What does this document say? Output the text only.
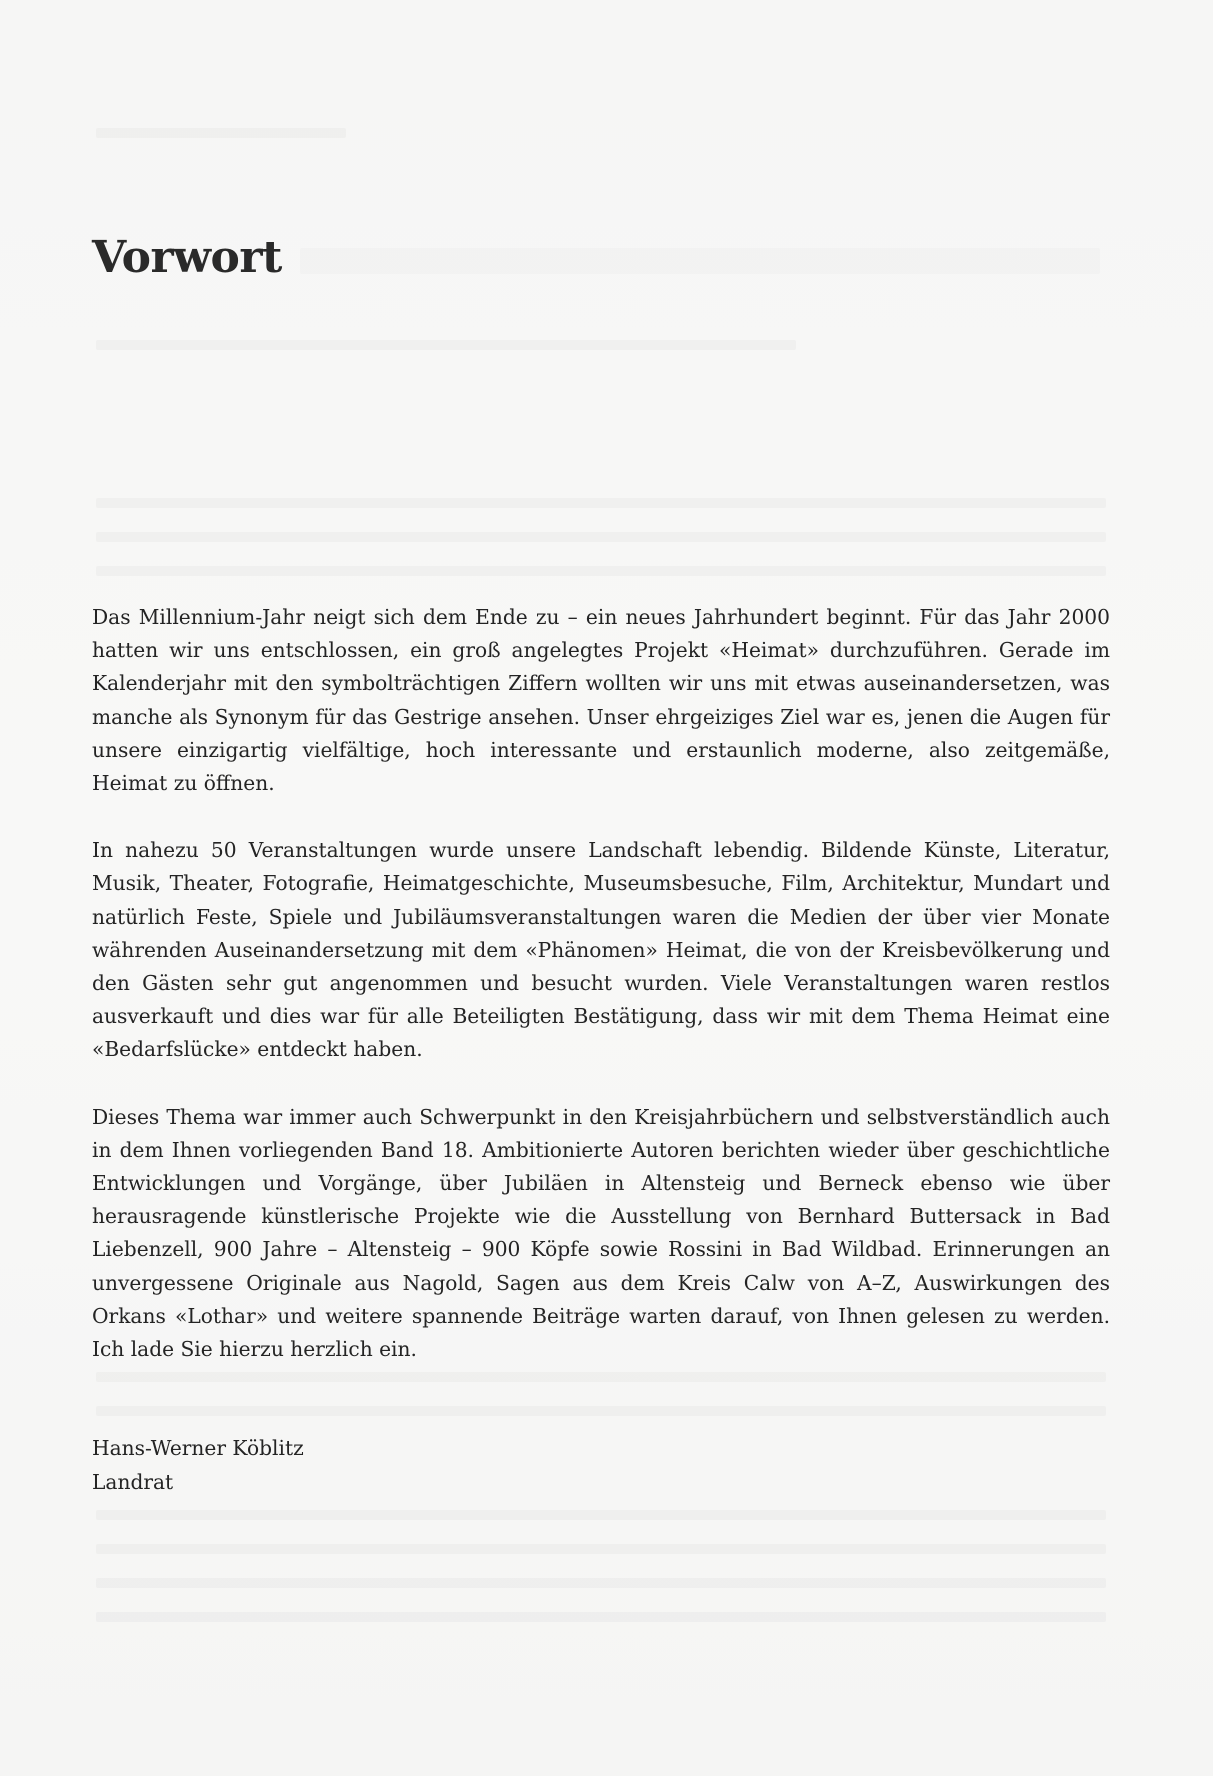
Vorwort

Das Millennium-Jahr neigt sich dem Ende zu – ein neues Jahrhundert beginnt. Für das Jahr 2000 hatten wir uns entschlossen, ein groß angelegtes Projekt «Heimat» durchzuführen. Gerade im Kalenderjahr mit den symbolträchtigen Ziffern wollten wir uns mit etwas auseinandersetzen, was manche als Synonym für das Gestrige ansehen. Unser ehrgeiziges Ziel war es, jenen die Augen für unsere einzigartig vielfältige, hoch interessante und erstaunlich moderne, also zeitgemäße, Heimat zu öffnen.

In nahezu 50 Veranstaltungen wurde unsere Landschaft lebendig. Bildende Künste, Literatur, Musik, Theater, Fotografie, Heimatgeschichte, Museumsbesuche, Film, Architektur, Mundart und natürlich Feste, Spiele und Jubiläumsveranstaltungen waren die Medien der über vier Monate währenden Auseinandersetzung mit dem «Phänomen» Heimat, die von der Kreisbevölkerung und den Gästen sehr gut angenommen und besucht wurden. Viele Veranstaltungen waren restlos ausverkauft und dies war für alle Beteiligten Bestätigung, dass wir mit dem Thema Heimat eine «Bedarfslücke» entdeckt haben.

Dieses Thema war immer auch Schwerpunkt in den Kreisjahrbüchern und selbstverständlich auch in dem Ihnen vorliegenden Band 18. Ambitionierte Autoren berichten wieder über geschichtliche Entwicklungen und Vorgänge, über Jubiläen in Altensteig und Berneck ebenso wie über herausragende künstlerische Projekte wie die Ausstellung von Bernhard Buttersack in Bad Liebenzell, 900 Jahre – Altensteig – 900 Köpfe sowie Rossini in Bad Wildbad. Erinnerungen an unvergessene Originale aus Nagold, Sagen aus dem Kreis Calw von A–Z, Auswirkungen des Orkans «Lothar» und weitere spannende Beiträge warten darauf, von Ihnen gelesen zu werden. Ich lade Sie hierzu herzlich ein.

Hans-Werner Köblitz
Landrat
